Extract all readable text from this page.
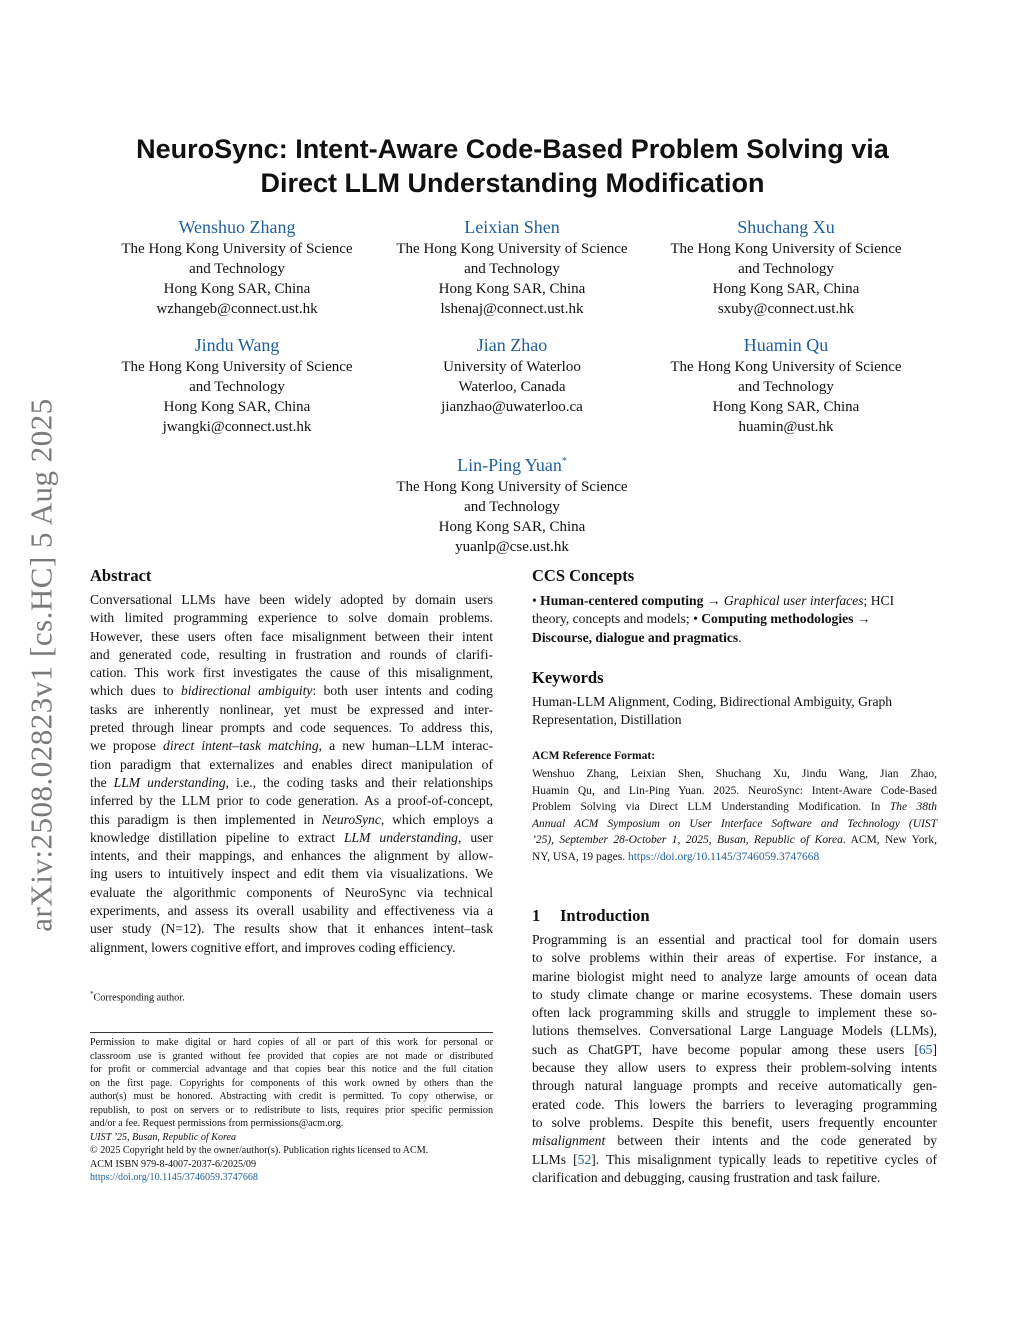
arXiv:2508.02823v1 [cs.HC] 5 Aug 2025
NeuroSync: Intent-Aware Code-Based Problem Solving via
Direct LLM Understanding Modification
Wenshuo Zhang
The Hong Kong University of Science
and Technology
Hong Kong SAR, China
wzhangeb@connect.ust.hk
Leixian Shen
The Hong Kong University of Science
and Technology
Hong Kong SAR, China
lshenaj@connect.ust.hk
Shuchang Xu
The Hong Kong University of Science
and Technology
Hong Kong SAR, China
sxuby@connect.ust.hk
Jindu Wang
The Hong Kong University of Science
and Technology
Hong Kong SAR, China
jwangki@connect.ust.hk
Jian Zhao
University of Waterloo
Waterloo, Canada
jianzhao@uwaterloo.ca
Huamin Qu
The Hong Kong University of Science
and Technology
Hong Kong SAR, China
huamin@ust.hk
Lin-Ping Yuan*
The Hong Kong University of Science
and Technology
Hong Kong SAR, China
yuanlp@cse.ust.hk
Abstract
Conversational LLMs have been widely adopted by domain users
with limited programming experience to solve domain problems.
However, these users often face misalignment between their intent
and generated code, resulting in frustration and rounds of clarifi-
cation. This work first investigates the cause of this misalignment,
which dues to bidirectional ambiguity: both user intents and coding
tasks are inherently nonlinear, yet must be expressed and inter-
preted through linear prompts and code sequences. To address this,
we propose direct intent–task matching, a new human–LLM interac-
tion paradigm that externalizes and enables direct manipulation of
the LLM understanding, i.e., the coding tasks and their relationships
inferred by the LLM prior to code generation. As a proof-of-concept,
this paradigm is then implemented in NeuroSync, which employs a
knowledge distillation pipeline to extract LLM understanding, user
intents, and their mappings, and enhances the alignment by allow-
ing users to intuitively inspect and edit them via visualizations. We
evaluate the algorithmic components of NeuroSync via technical
experiments, and assess its overall usability and effectiveness via a
user study (N=12). The results show that it enhances intent–task
alignment, lowers cognitive effort, and improves coding efficiency.
CCS Concepts
• Human-centered computing → Graphical user interfaces; HCI
theory, concepts and models; • Computing methodologies →
Discourse, dialogue and pragmatics.
Keywords
Human-LLM Alignment, Coding, Bidirectional Ambiguity, Graph
Representation, Distillation
ACM Reference Format:
Wenshuo Zhang, Leixian Shen, Shuchang Xu, Jindu Wang, Jian Zhao,
Huamin Qu, and Lin-Ping Yuan. 2025. NeuroSync: Intent-Aware Code-Based
Problem Solving via Direct LLM Understanding Modification. In The 38th
Annual ACM Symposium on User Interface Software and Technology (UIST
’25), September 28-October 1, 2025, Busan, Republic of Korea. ACM, New York,
NY, USA, 19 pages. https://doi.org/10.1145/3746059.3747668
*Corresponding author.
Permission to make digital or hard copies of all or part of this work for personal or
classroom use is granted without fee provided that copies are not made or distributed
for profit or commercial advantage and that copies bear this notice and the full citation
on the first page. Copyrights for components of this work owned by others than the
author(s) must be honored. Abstracting with credit is permitted. To copy otherwise, or
republish, to post on servers or to redistribute to lists, requires prior specific permission
and/or a fee. Request permissions from permissions@acm.org.
UIST ’25, Busan, Republic of Korea
© 2025 Copyright held by the owner/author(s). Publication rights licensed to ACM.
ACM ISBN 979-8-4007-2037-6/2025/09
https://doi.org/10.1145/3746059.3747668
1 Introduction
Programming is an essential and practical tool for domain users
to solve problems within their areas of expertise. For instance, a
marine biologist might need to analyze large amounts of ocean data
to study climate change or marine ecosystems. These domain users
often lack programming skills and struggle to implement these so-
lutions themselves. Conversational Large Language Models (LLMs),
such as ChatGPT, have become popular among these users [65]
because they allow users to express their problem-solving intents
through natural language prompts and receive automatically gen-
erated code. This lowers the barriers to leveraging programming
to solve problems. Despite this benefit, users frequently encounter
misalignment between their intents and the code generated by
LLMs [52]. This misalignment typically leads to repetitive cycles of
clarification and debugging, causing frustration and task failure.
